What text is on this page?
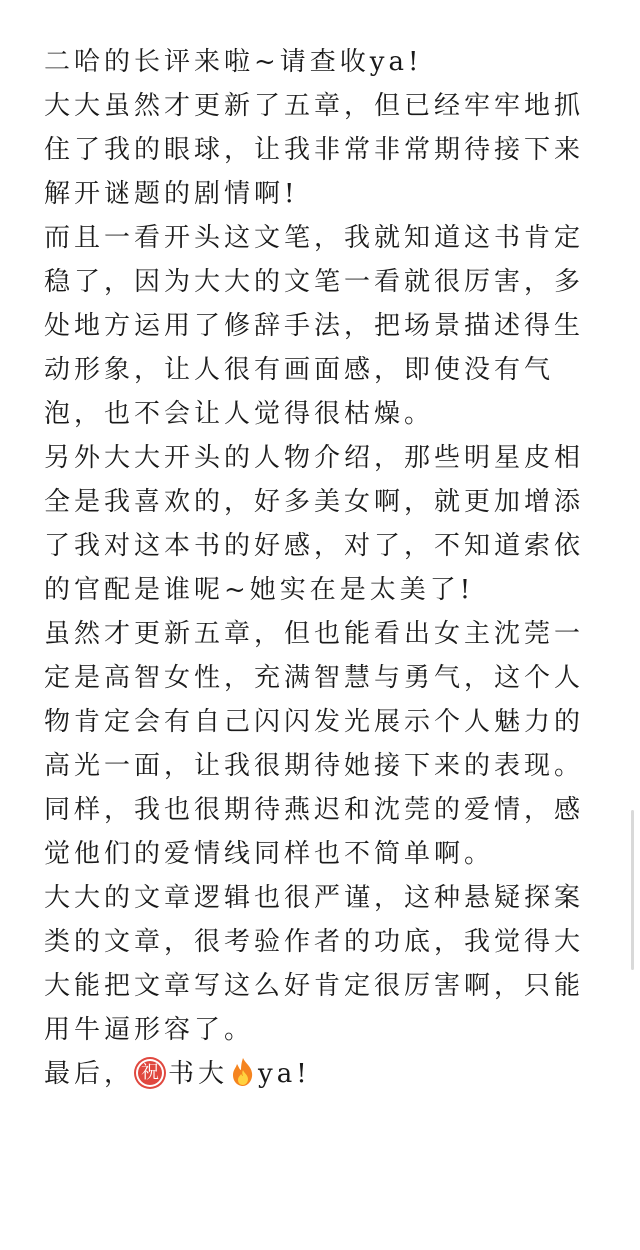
二哈的长评来啦~请查收ya!

大大虽然才更新了五章，但已经牢牢地抓住了我的眼球，让我非常非常期待接下来解开谜题的剧情啊!

而且一看开头这文笔，我就知道这书肯定稳了，因为大大的文笔一看就很厉害，多处地方运用了修辞手法，把场景描述得生动形象，让人很有画面感，即使没有气泡，也不会让人觉得很枯燥。

另外大大开头的人物介绍，那些明星皮相全是我喜欢的，好多美女啊，就更加增添了我对这本书的好感，对了，不知道索依的官配是谁呢~她实在是太美了!

虽然才更新五章，但也能看出女主沈莞一定是高智女性，充满智慧与勇气，这个人物肯定会有自己闪闪发光展示个人魅力的高光一面，让我很期待她接下来的表现。

同样，我也很期待燕迟和沈莞的爱情，感觉他们的爱情线同样也不简单啊。

大大的文章逻辑也很严谨，这种悬疑探案类的文章，很考验作者的功底，我觉得大大能把文章写这么好肯定很厉害啊，只能用牛逼形容了。

最后， 祝 书大 ya!
